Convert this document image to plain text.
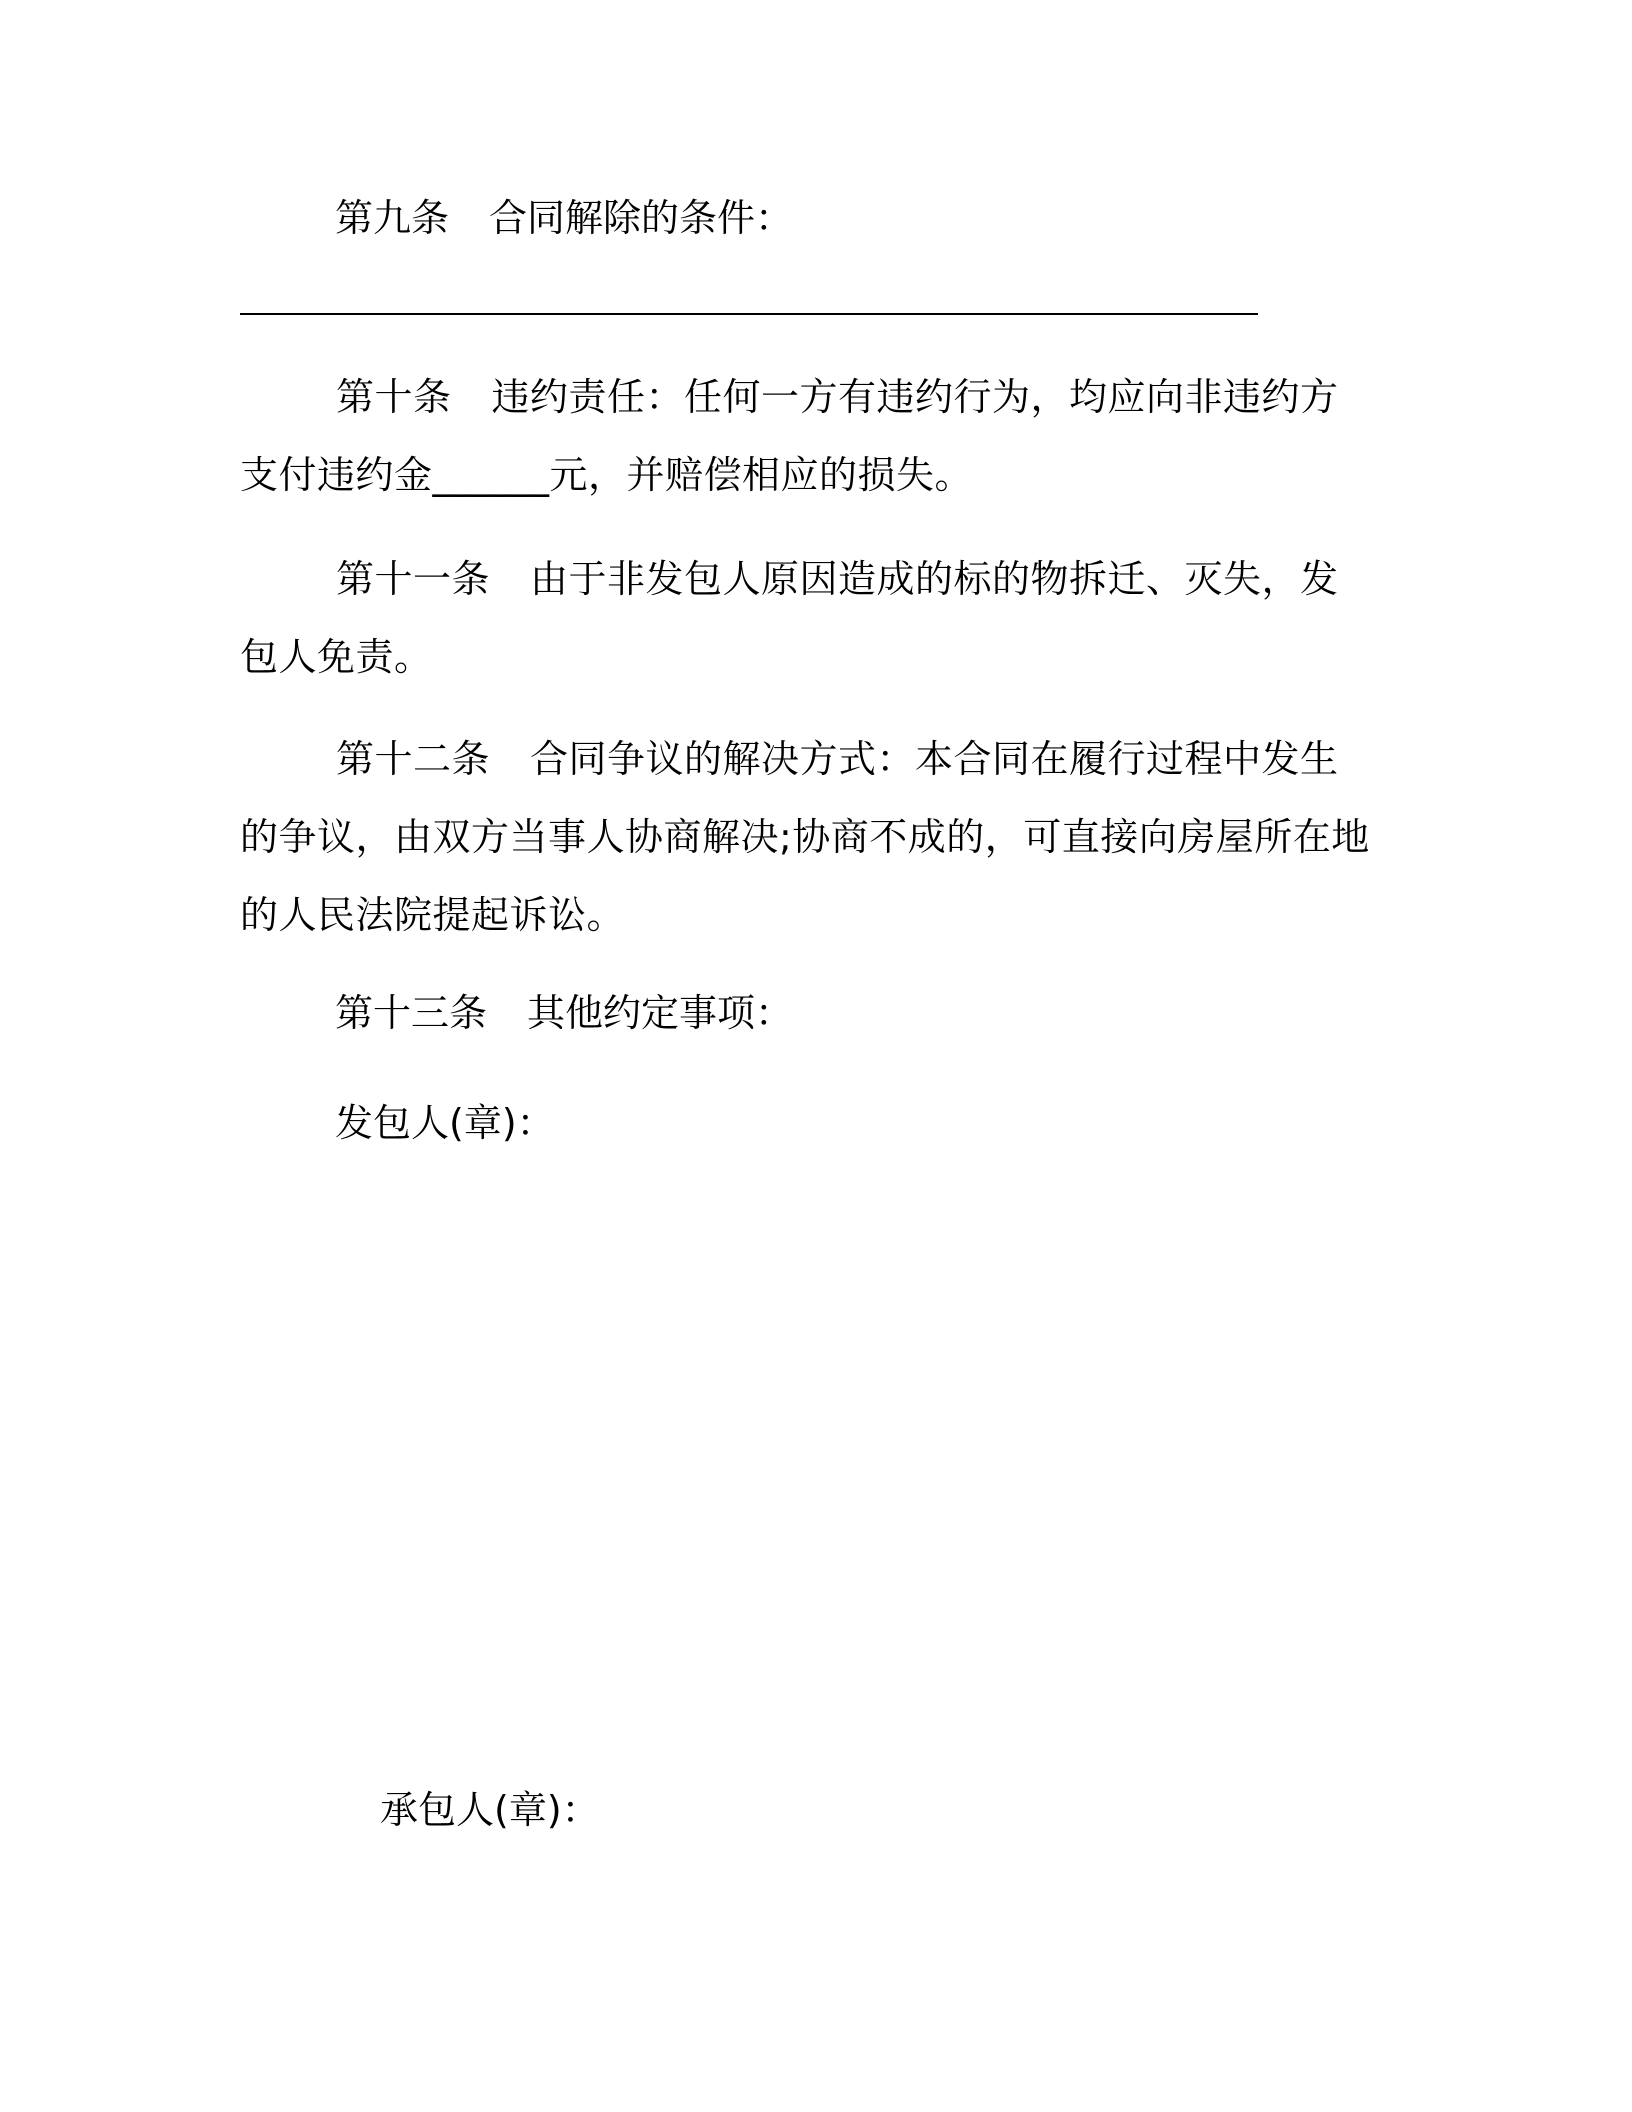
第九条 合同解除的条件：

第十条 违约责任：任何一方有违约行为，均应向非违约方支付违约金______元，并赔偿相应的损失。

第十一条 由于非发包人原因造成的标的物拆迁、灭失，发包人免责。

第十二条 合同争议的解决方式：本合同在履行过程中发生的争议，由双方当事人协商解决;协商不成的，可直接向房屋所在地的人民法院提起诉讼。

第十三条 其他约定事项：
发包人(章)：
承包人(章)：
